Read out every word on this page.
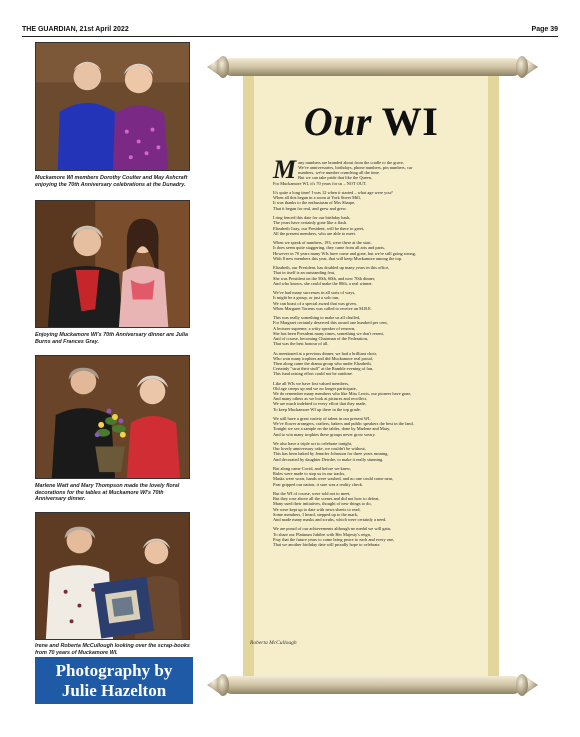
THE GUARDIAN, 21st April 2022	Page 39
Muckamore WI members Dorothy Coulter and May Ashcraft enjoying the 70th Anniversary celebrations at the Dunadry.
Enjoying Muckamore WI's 70th Anniversary dinner are Julia Burns and Frances Gray.
Marlene Watt and Mary Thompson made the lovely floral decorations for the tables at Muckamore WI's 70th Anniversary dinner.
Irene and Roberta McCullough looking over the scrap-books from 70 years of Muckamore WI.
Photography by
Julie Hazelton
Our WI
M any numbers are branded about from the cradle to the grave,
We've anniversaries, birthdays, phone numbers, pin numbers, car
numbers, we're number crunching all the time.
But we can take pride that like the Queen,
For Muckamore WI, it's 70 years for us – NOT OUT.
It's quite a long time! I was 12 when it started – what age were you?
When all this began in a room at York Street Mill,
It was thanks to the enthusiasm of Mrs Sharpe,
That it began for real, and grew and grew.
I ring fenced this date for our birthday bash,
The years have certainly gone like a flash.
Elizabeth Gray, our President, will be there to greet,
All the present members, who are able to meet.
When we speak of numbers, 193, were there at the start,
It does seem quite staggering, they came from all arts and parts,
However in 70 years many WIs have come and gone, but we're still going strong,
With 8 new members this year, that will keep Muckamore among the top.
Elizabeth, our President, has doubled up many years in this office,
That in itself is an outstanding feat,
She was President on the 50th, 60th, and now 70th dinner,
And who knows, she could make the 80th, a real winner.
We've had many successes in all sorts of ways,
It might be a group, or just a solo run,
We can boast of a special award that was given,
When Margaret Torrens was called to receive an M.B.E.
This was really something to make us all chuffed,
For Margaret certainly deserved this award one hundred per cent,
A lecturer supreme, a witty speaker of renown,
She has been President many times, something we don't resent,
And of course, becoming Chairman of the Federation,
That was the best honour of all.
As mentioned at a previous dinner, we had a brilliant choir,
Who won many trophies and did Muckamore real proud,
Then along came the drama group who under Elizabeth,
Certainly "strut their stuff" at the Ramble evening of fun,
This fund raising effort could not be outdone.
Like all WIs we have lost valued members,
Old age creeps up and we no longer participate,
We do remember many members who like Miss Lewis, our pioneer have gone,
And many others as we look at pictures and recollect,
We are much indebted to every effort that they made,
To keep Muckamore WI up there in the top grade.
We still have a great variety of talent in our present WI,
We've flower arrangers, crafters, bakers and public speakers the best in the land,
Tonight we see a sample on the tables, done by Marlene and Mary,
And to win many trophies these groups never grow weary.
We also have a triple act to celebrate tonight,
Our lovely anniversary cake, we couldn't be without,
This has been baked by Jennifer Johnston for three years running,
And decorated by daughter Deirdre, to make it really stunning.
But along came Covid, and before we knew,
Rules were made to stop us in our tracks,
Masks were worn, hands were washed, and no one could come near,
Fear gripped our nation, it sure was a reality check.
But the WI of course, were told not to meet,
But they rose above all the scenes and did not bow to defeat,
Many used their initiatives, thought of new things to do,
We were kept up to date with news sheets to read,
Some members, I heard, stepped up to the mark,
And made many masks and scrubs, which were certainly a need.
We are proud of our achievements although no medal we will gain,
To share our Platinum Jubilee with Her Majesty's reign,
Pray that the future years to come bring peace to each and every one,
That we another birthday date will proudly hope to celebrate.
Roberta McCullough
